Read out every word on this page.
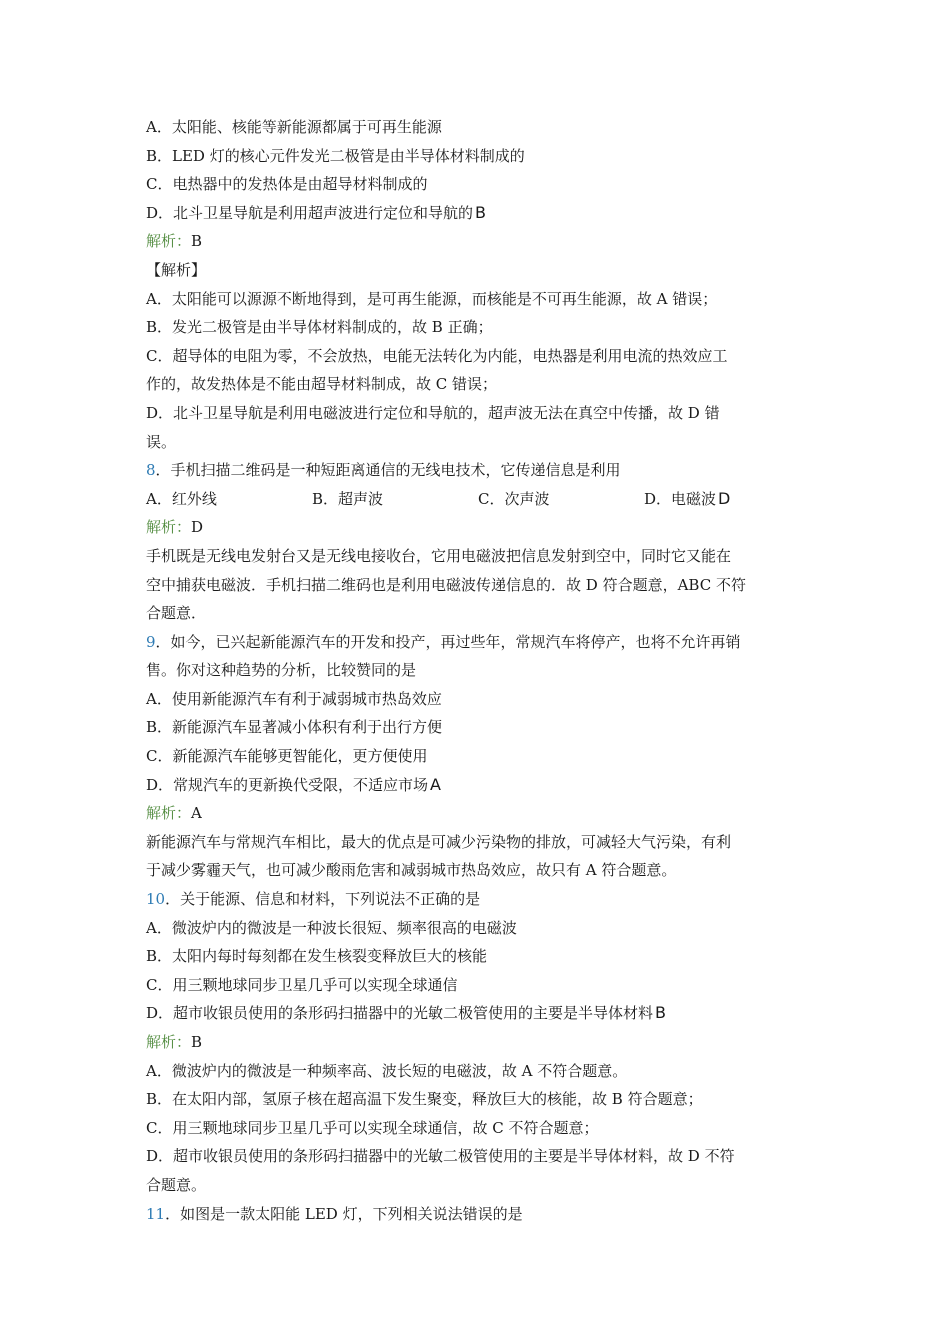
A．太阳能、核能等新能源都属于可再生能源
B．LED 灯的核心元件发光二极管是由半导体材料制成的
C．电热器中的发热体是由超导材料制成的
D．北斗卫星导航是利用超声波进行定位和导航的 B
解析：B
【解析】
A．太阳能可以源源不断地得到，是可再生能源，而核能是不可再生能源，故 A 错误；
B．发光二极管是由半导体材料制成的，故 B 正确；
C．超导体的电阻为零，不会放热，电能无法转化为内能，电热器是利用电流的热效应工
作的，故发热体是不能由超导材料制成，故 C 错误；
D．北斗卫星导航是利用电磁波进行定位和导航的，超声波无法在真空中传播，故 D 错
误。
8．手机扫描二维码是一种短距离通信的无线电技术，它传递信息是利用
A．红外线	B．超声波	C．次声波	D．电磁波 D
解析：D
手机既是无线电发射台又是无线电接收台，它用电磁波把信息发射到空中，同时它又能在
空中捕获电磁波．手机扫描二维码也是利用电磁波传递信息的．故 D 符合题意，ABC 不符
合题意．
9．如今，已兴起新能源汽车的开发和投产，再过些年，常规汽车将停产，也将不允许再销
售。你对这种趋势的分析，比较赞同的是
A．使用新能源汽车有利于减弱城市热岛效应
B．新能源汽车显著减小体积有利于出行方便
C．新能源汽车能够更智能化，更方便使用
D．常规汽车的更新换代受限，不适应市场 A
解析：A
新能源汽车与常规汽车相比，最大的优点是可减少污染物的排放，可减轻大气污染，有利
于减少雾霾天气，也可减少酸雨危害和减弱城市热岛效应，故只有 A 符合题意。
10．关于能源、信息和材料，下列说法不正确的是
A．微波炉内的微波是一种波长很短、频率很高的电磁波
B．太阳内每时每刻都在发生核裂变释放巨大的核能
C．用三颗地球同步卫星几乎可以实现全球通信
D．超市收银员使用的条形码扫描器中的光敏二极管使用的主要是半导体材料 B
解析：B
A．微波炉内的微波是一种频率高、波长短的电磁波，故 A 不符合题意。
B．在太阳内部，氢原子核在超高温下发生聚变，释放巨大的核能，故 B 符合题意；
C．用三颗地球同步卫星几乎可以实现全球通信，故 C 不符合题意；
D．超市收银员使用的条形码扫描器中的光敏二极管使用的主要是半导体材料，故 D 不符
合题意。
11．如图是一款太阳能 LED 灯，下列相关说法错误的是
